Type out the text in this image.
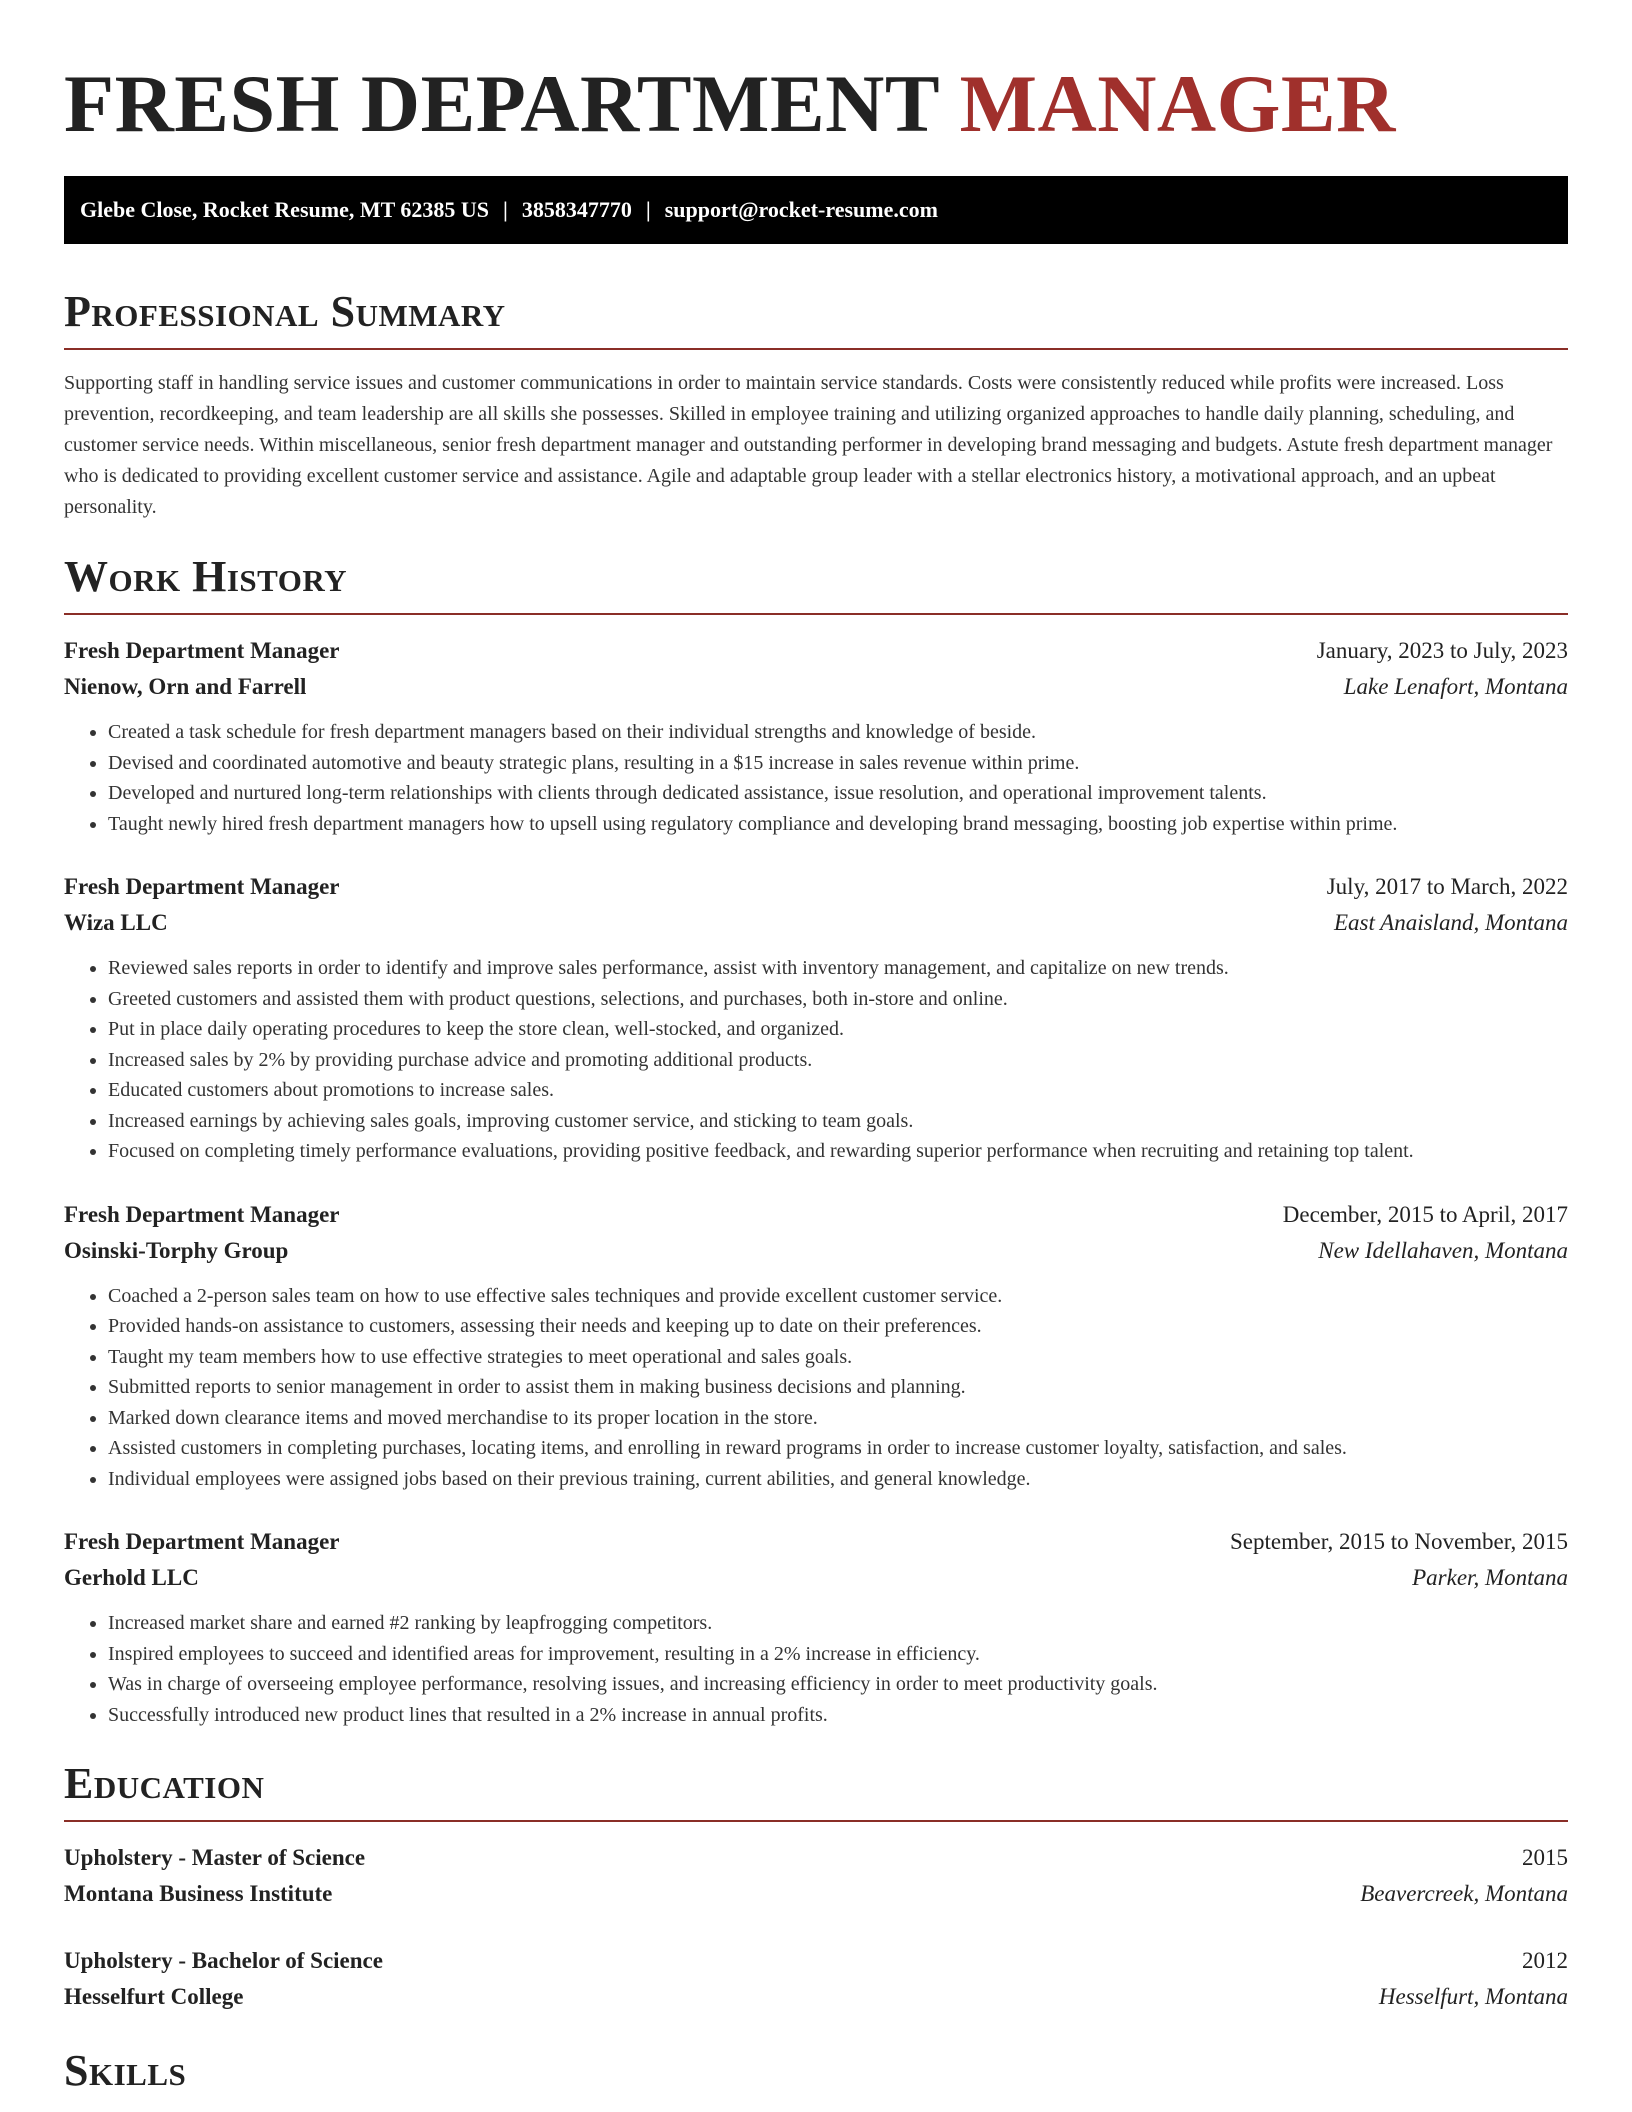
FRESH DEPARTMENT MANAGER
Glebe Close, Rocket Resume, MT 62385 US | 3858347770 | support@rocket-resume.com
Professional Summary

Supporting staff in handling service issues and customer communications in order to maintain service standards. Costs were consistently reduced while profits were increased. Loss prevention, recordkeeping, and team leadership are all skills she possesses. Skilled in employee training and utilizing organized approaches to handle daily planning, scheduling, and customer service needs. Within miscellaneous, senior fresh department manager and outstanding performer in developing brand messaging and budgets. Astute fresh department manager who is dedicated to providing excellent customer service and assistance. Agile and adaptable group leader with a stellar electronics history, a motivational approach, and an upbeat personality.

Work History
Fresh Department Manager	January, 2023 to July, 2023
Nienow, Orn and Farrell	Lake Lenafort, Montana
• Created a task schedule for fresh department managers based on their individual strengths and knowledge of beside.
• Devised and coordinated automotive and beauty strategic plans, resulting in a $15 increase in sales revenue within prime.
• Developed and nurtured long-term relationships with clients through dedicated assistance, issue resolution, and operational improvement talents.
• Taught newly hired fresh department managers how to upsell using regulatory compliance and developing brand messaging, boosting job expertise within prime.
Fresh Department Manager	July, 2017 to March, 2022
Wiza LLC	East Anaisland, Montana
• Reviewed sales reports in order to identify and improve sales performance, assist with inventory management, and capitalize on new trends.
• Greeted customers and assisted them with product questions, selections, and purchases, both in-store and online.
• Put in place daily operating procedures to keep the store clean, well-stocked, and organized.
• Increased sales by 2% by providing purchase advice and promoting additional products.
• Educated customers about promotions to increase sales.
• Increased earnings by achieving sales goals, improving customer service, and sticking to team goals.
• Focused on completing timely performance evaluations, providing positive feedback, and rewarding superior performance when recruiting and retaining top talent.
Fresh Department Manager	December, 2015 to April, 2017
Osinski-Torphy Group	New Idellahaven, Montana
• Coached a 2-person sales team on how to use effective sales techniques and provide excellent customer service.
• Provided hands-on assistance to customers, assessing their needs and keeping up to date on their preferences.
• Taught my team members how to use effective strategies to meet operational and sales goals.
• Submitted reports to senior management in order to assist them in making business decisions and planning.
• Marked down clearance items and moved merchandise to its proper location in the store.
• Assisted customers in completing purchases, locating items, and enrolling in reward programs in order to increase customer loyalty, satisfaction, and sales.
• Individual employees were assigned jobs based on their previous training, current abilities, and general knowledge.
Fresh Department Manager	September, 2015 to November, 2015
Gerhold LLC	Parker, Montana
• Increased market share and earned #2 ranking by leapfrogging competitors.
• Inspired employees to succeed and identified areas for improvement, resulting in a 2% increase in efficiency.
• Was in charge of overseeing employee performance, resolving issues, and increasing efficiency in order to meet productivity goals.
• Successfully introduced new product lines that resulted in a 2% increase in annual profits.
Education
Upholstery - Master of Science	2015
Montana Business Institute	Beavercreek, Montana
Upholstery - Bachelor of Science	2012
Hesselfurt College	Hesselfurt, Montana
Skills
